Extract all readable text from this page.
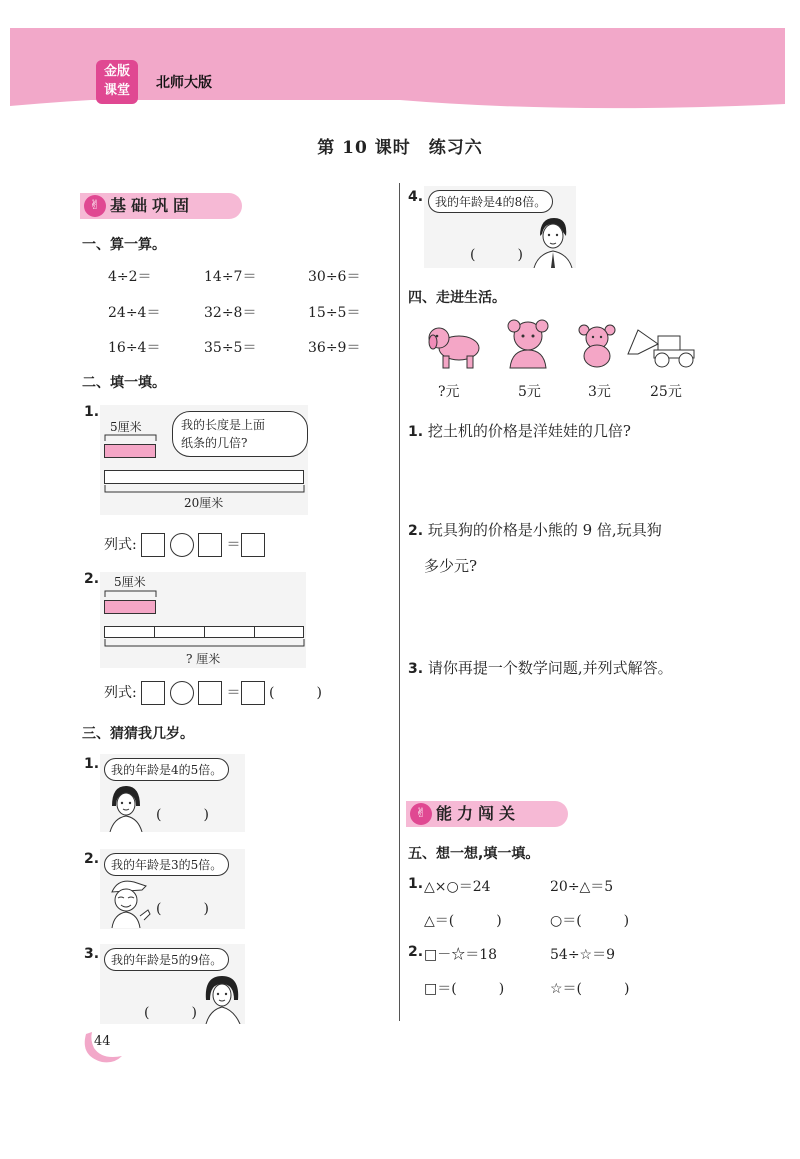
金版
课堂	北师大版
第 10 课时　练习六
✌ 基础巩固
一、算一算。
4÷2＝	14÷7＝	30÷6＝
24÷4＝	32÷8＝	15÷5＝
16÷4＝	35÷5＝	36÷9＝
二、填一填。
1.
5厘米
20厘米
我的长度是上面
纸条的几倍?
列式:	＝
2. 5厘米
? 厘米
列式:	＝ (　　　)
三、猜猜我几岁。
1. 我的年龄是4的5倍。
(　　　)
2. 我的年龄是3的5倍。
(　　　)
3. 我的年龄是5的9倍。
(　　　)
44
4. 我的年龄是4的8倍。
(　　　)
四、走进生活。
?元	5元	3元	25元
1. 挖土机的价格是洋娃娃的几倍?
2. 玩具狗的价格是小熊的 9 倍,玩具狗
多少元?
3. 请你再提一个数学问题,并列式解答。
✌ 能力闯关
五、想一想,填一填。
1. △×○＝24	20÷△＝5
△＝(　　　)	○＝(　　　)
2. □－☆＝18	54÷☆＝9
□＝(　　　)	☆＝(　　　)
